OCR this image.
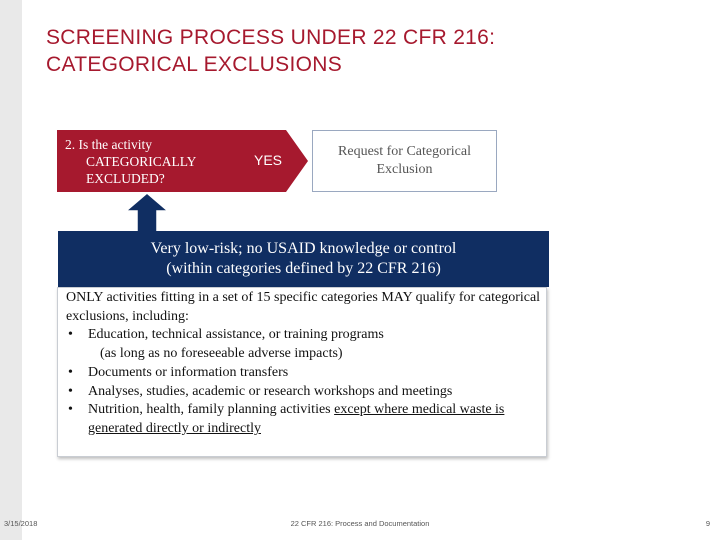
SCREENING PROCESS UNDER 22 CFR 216:
CATEGORICAL EXCLUSIONS
2. Is the activity
CATEGORICALLY
EXCLUDED?
YES
Request for Categorical Exclusion
Very low-risk; no USAID knowledge or control
(within categories defined by 22 CFR 216)
ONLY activities fitting in a set of 15 specific categories MAY qualify for categorical exclusions, including:
• Education, technical assistance, or training programs
(as long as no foreseeable adverse impacts)
• Documents or information transfers
• Analyses, studies, academic or research workshops and meetings
• Nutrition, health, family planning activities except where medical waste is generated directly or indirectly
3/15/2018	22 CFR 216: Process and Documentation	9
